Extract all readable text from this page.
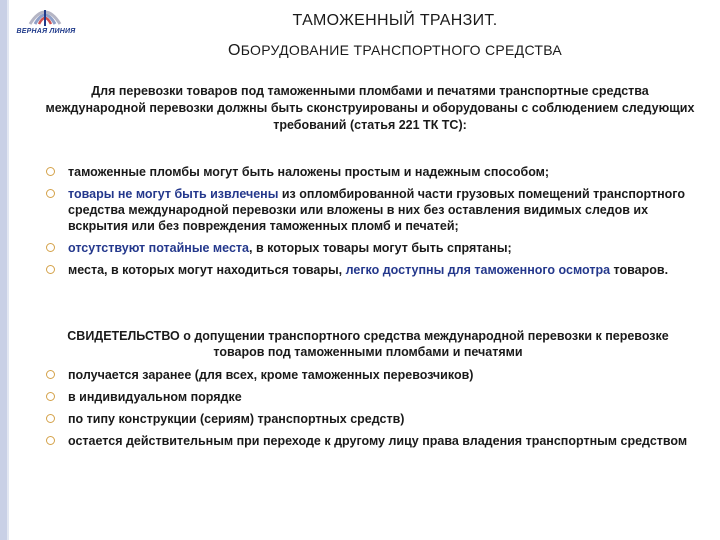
ВЕРНАЯ ЛИНИЯ
ТАМОЖЕННЫЙ ТРАНЗИТ.
ОБОРУДОВАНИЕ ТРАНСПОРТНОГО СРЕДСТВА
Для перевозки товаров под таможенными пломбами и печатями транспортные средства международной перевозки должны быть сконструированы и оборудованы с соблюдением следующих требований (статья 221 ТК ТС):
таможенные пломбы могут быть наложены простым и надежным способом;
товары не могут быть извлечены из опломбированной части грузовых помещений транспортного средства международной перевозки или вложены в них без оставления видимых следов их вскрытия или без повреждения таможенных пломб и печатей;
отсутствуют потайные места, в которых товары могут быть спрятаны;
места, в которых могут находиться товары, легко доступны для таможенного осмотра товаров.
СВИДЕТЕЛЬСТВО о допущении транспортного средства международной перевозки к перевозке товаров под таможенными пломбами и печатями
получается заранее (для всех, кроме таможенных перевозчиков)
в индивидуальном порядке
по типу конструкции (сериям) транспортных средств)
остается действительным при переходе к другому лицу права владения транспортным средством
